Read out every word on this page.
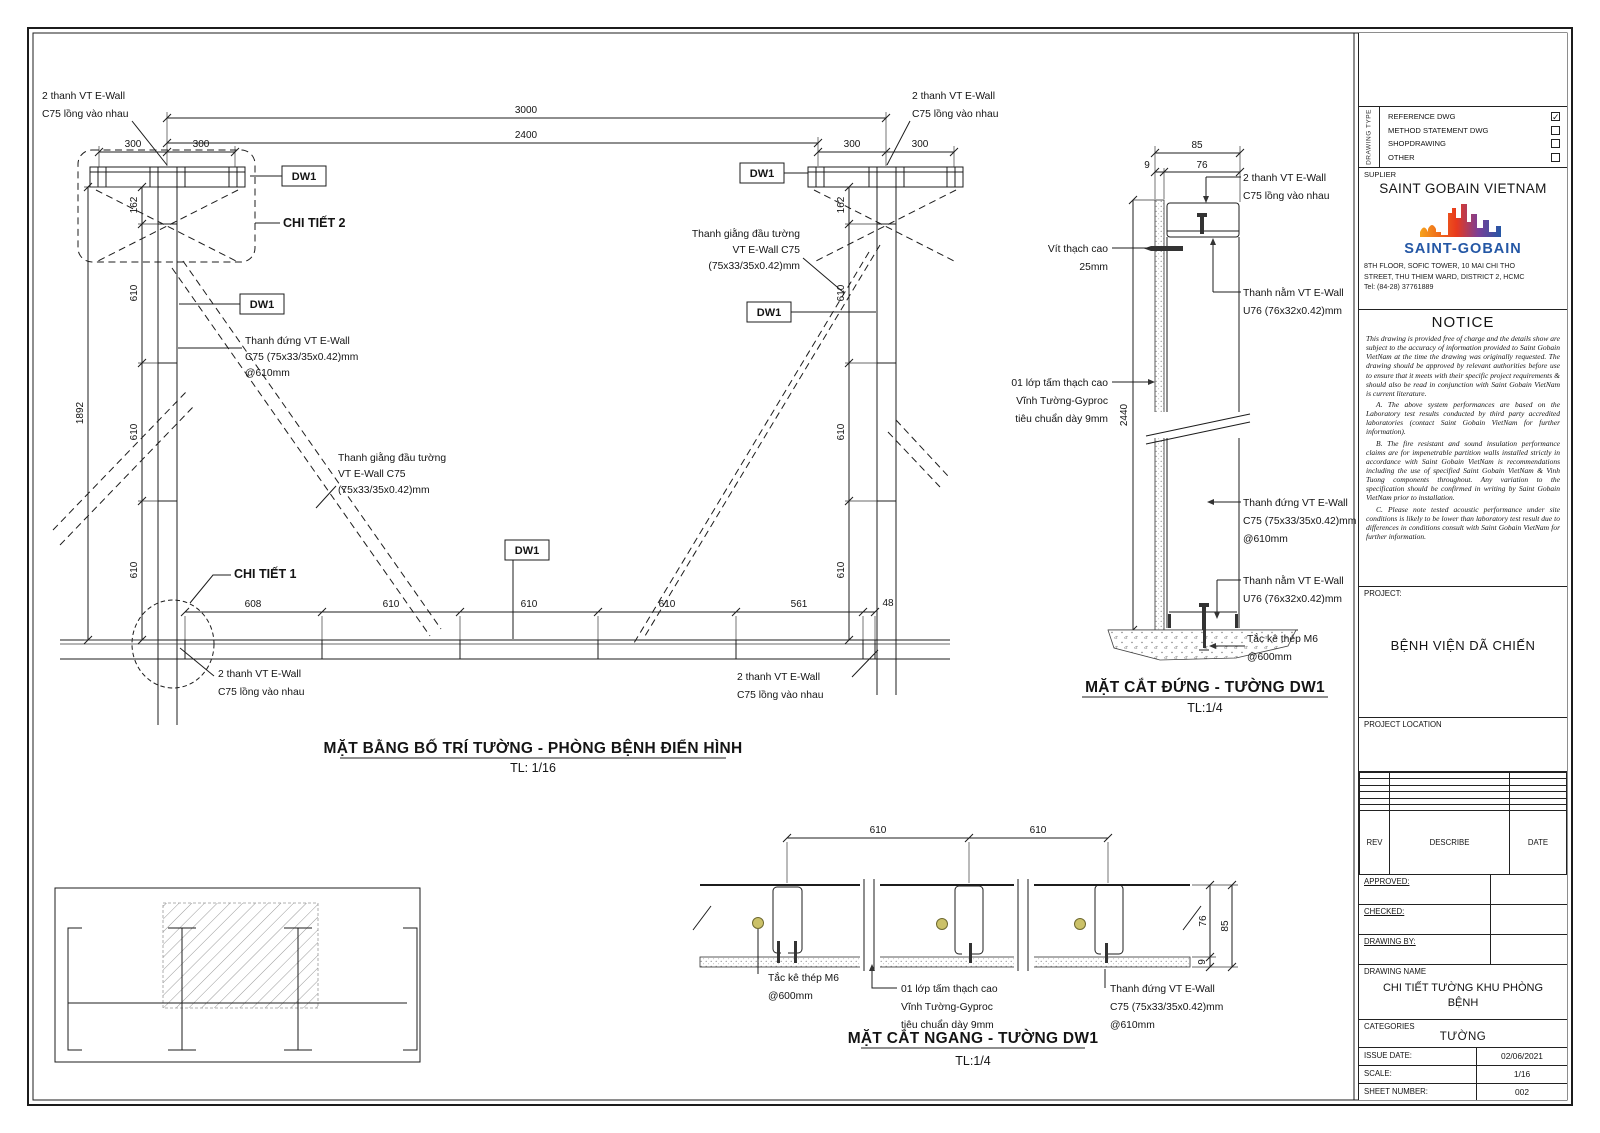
DW1	DW1
DW1
DW1
DW1
3000
2400
300	300	300	300
608	610	610	610	561	48
1892
162
610
610
610
162
610
610
610
2 thanh VT E-Wall
C75 lồng vào nhau
2 thanh VT E-Wall
C75 lồng vào nhau
Thanh giằng đầu tường
VT E-Wall C75
(75x33/35x0.42)mm
Thanh đứng VT E-Wall
C75 (75x33/35x0.42)mm
@610mm
Thanh giằng đầu tường
VT E-Wall C75
(75x33/35x0.42)mm
CHI TIẾT 2
CHI TIẾT 1
2 thanh VT E-Wall
C75 lồng vào nhau
2 thanh VT E-Wall
C75 lồng vào nhau
MẶT BẰNG BỐ TRÍ TƯỜNG - PHÒNG BỆNH ĐIỂN HÌNH
TL: 1/16
85
76
9
2440
2 thanh VT E-Wall
C75 lồng vào nhau
Vít thạch cao
25mm
Thanh nằm VT E-Wall
U76 (76x32x0.42)mm
01 lớp tấm thạch cao
Vĩnh Tường-Gyproc
tiêu chuẩn dày 9mm
Thanh đứng VT E-Wall
C75 (75x33/35x0.42)mm
@610mm
Thanh nằm VT E-Wall
U76 (76x32x0.42)mm
Tắc kê thép M6
@600mm
MẶT CẮT ĐỨNG - TƯỜNG DW1
TL:1/4
610	610
76 85
9
Tắc kê thép M6
@600mm
01 lớp tấm thạch cao
Vĩnh Tường-Gyproc
tiêu chuẩn dày 9mm
Thanh đứng VT E-Wall
C75 (75x33/35x0.42)mm
@610mm
MẶT CẮT NGANG - TƯỜNG DW1
TL:1/4
DRAWING TYPE REFERENCE DWG	✓
METHOD STATEMENT DWG
SHOPDRAWING
OTHER
SUPLIER
SAINT GOBAIN VIETNAM
SAINT-GOBAIN
8TH FLOOR, SOFIC TOWER, 10 MAI CHI THO
STREET, THU THIEM WARD, DISTRICT 2, HCMC
Tel: (84-28) 37761889
NOTICE

This drawing is provided free of charge and the details show are subject to the accuracy of information provided to Saint Gobain VietNam at the time the drawing was originally requested. The drawing should be approved by relevant authorities before use to ensure that it meets with their specific project requirements & should also be read in conjunction with Saint Gobain VietNam is current literature.

A. The above system performances are based on the Laboratory test results conducted by third party accredited laboratories (contact Saint Gobain VietNam for further information).

B. The fire resistant and sound insulation performance claims are for impenetrable partition walls installed strictly in accordance with Saint Gobain VietNam is recommendations including the use of specified Saint Gobain VietNam & Vinh Tuong components throughout. Any variation to the specification should be confirmed in writing by Saint Gobain VietNam prior to installation.

C. Please note tested acoustic performance under site conditions is likely to be lower than laboratory test result due to differences in conditions consult with Saint Gobain VietNam for further information.

PROJECT:
BỆNH VIỆN DÃ CHIẾN
PROJECT LOCATION

REV	DESCRIBE	DATE
APPROVED:
CHECKED:
DRAWING BY:
DRAWING NAME
CHI TIẾT TƯỜNG KHU PHÒNG BỆNH
CATEGORIES
TƯỜNG
ISSUE DATE:	02/06/2021
SCALE:	1/16
SHEET NUMBER:	002
